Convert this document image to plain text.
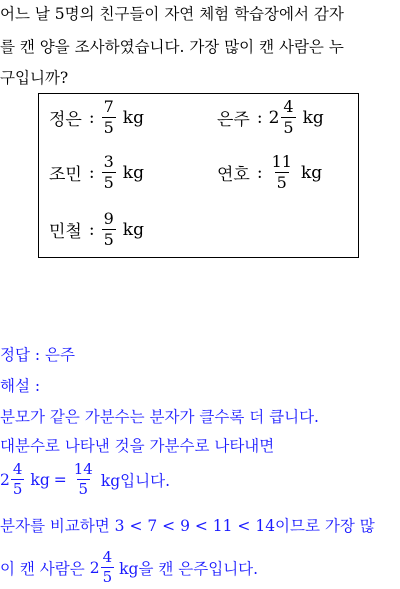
어느 날 5명의 친구들이 자연 체험 학습장에서 감자
를 캔 양을 조사하였습니다. 가장 많이 캔 사람은 누
구입니까?
정은 : $\frac{7}{5}$ kg	은주 : $2 \frac{4}{5}$ kg
조민 : $\frac{3}{5}$ kg	연호 : $\frac{11}{5}$ kg
민철 : $\frac{9}{5}$ kg
정답 : 은주
해설 :
분모가 같은 가분수는 분자가 클수록 더 큽니다.
대분수로 나타낸 것을 가분수로 나타내면
$2 \frac{4}{5}$ kg = $\frac{14}{5}$ kg입니다.
분자를 비교하면 3 < 7 < 9 < 11 < 14이므로 가장 많
이 캔 사람은 $2 \frac{4}{5}$ kg을 캔 은주입니다.
